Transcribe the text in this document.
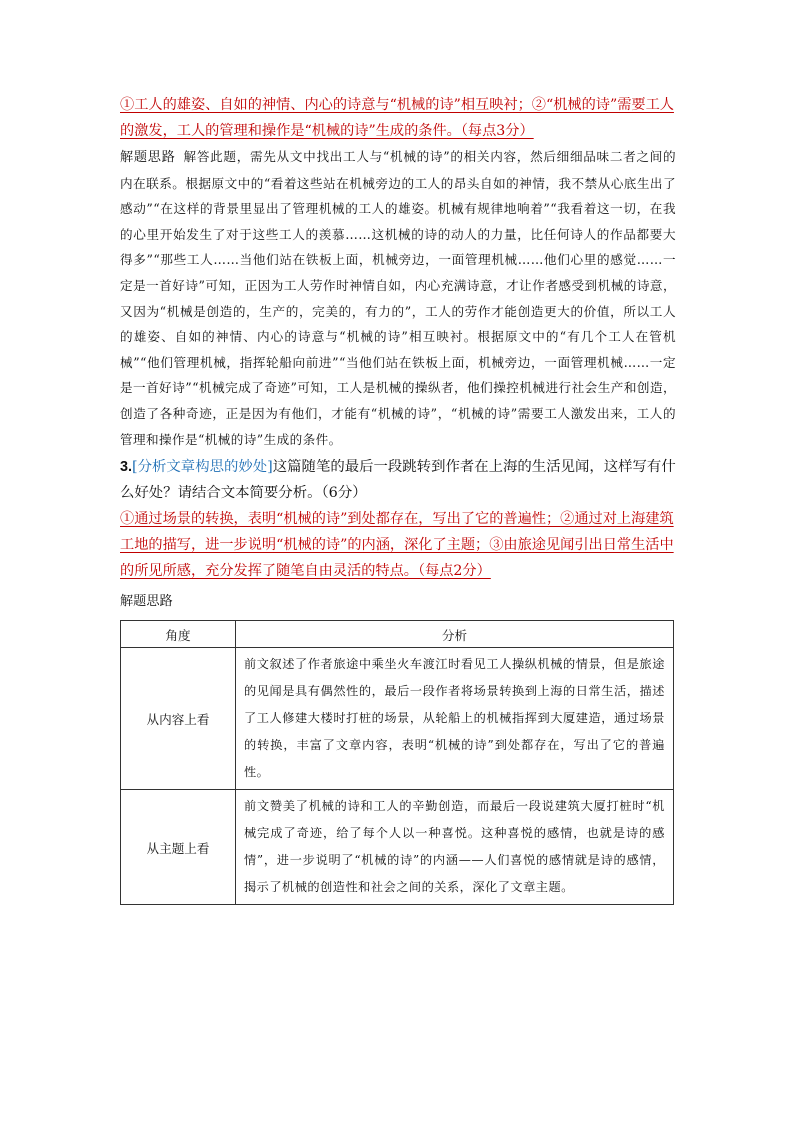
①工人的雄姿、自如的神情、内心的诗意与“机械的诗”相互映衬；②“机械的诗”需要工人的激发，工人的管理和操作是“机械的诗”生成的条件。（每点3分）

解题思路 解答此题，需先从文中找出工人与“机械的诗”的相关内容，然后细细品味二者之间的内在联系。根据原文中的“看着这些站在机械旁边的工人的昂头自如的神情，我不禁从心底生出了感动”“在这样的背景里显出了管理机械的工人的雄姿。机械有规律地响着”“我看着这一切，在我的心里开始发生了对于这些工人的羡慕……这机械的诗的动人的力量，比任何诗人的作品都要大得多”“那些工人……当他们站在铁板上面，机械旁边，一面管理机械……他们心里的感觉……一定是一首好诗”可知，正因为工人劳作时神情自如，内心充满诗意，才让作者感受到机械的诗意，又因为“机械是创造的，生产的，完美的，有力的”，工人的劳作才能创造更大的价值，所以工人的雄姿、自如的神情、内心的诗意与“机械的诗”相互映衬。根据原文中的“有几个工人在管机械”“他们管理机械，指挥轮船向前进”“当他们站在铁板上面，机械旁边，一面管理机械……一定是一首好诗”“机械完成了奇迹”可知，工人是机械的操纵者，他们操控机械进行社会生产和创造，创造了各种奇迹，正是因为有他们，才能有“机械的诗”，“机械的诗”需要工人激发出来，工人的管理和操作是“机械的诗”生成的条件。

3.[分析文章构思的妙处]这篇随笔的最后一段跳转到作者在上海的生活见闻，这样写有什么好处？请结合文本简要分析。（6分）

①通过场景的转换，表明“机械的诗”到处都存在，写出了它的普遍性；②通过对上海建筑工地的描写，进一步说明“机械的诗”的内涵，深化了主题；③由旅途见闻引出日常生活中的所见所感，充分发挥了随笔自由灵活的特点。（每点2分）
解题思路
角度	分析
从内容上看	前文叙述了作者旅途中乘坐火车渡江时看见工人操纵机械的情景，但是旅途的见闻是具有偶然性的，最后一段作者将场景转换到上海的日常生活，描述了工人修建大楼时打桩的场景，从轮船上的机械指挥到大厦建造，通过场景的转换，丰富了文章内容，表明“机械的诗”到处都存在，写出了它的普遍性。
从主题上看	前文赞美了机械的诗和工人的辛勤创造，而最后一段说建筑大厦打桩时“机械完成了奇迹，给了每个人以一种喜悦。这种喜悦的感情，也就是诗的感情”，进一步说明了“机械的诗”的内涵——人们喜悦的感情就是诗的感情，揭示了机械的创造性和社会之间的关系，深化了文章主题。
